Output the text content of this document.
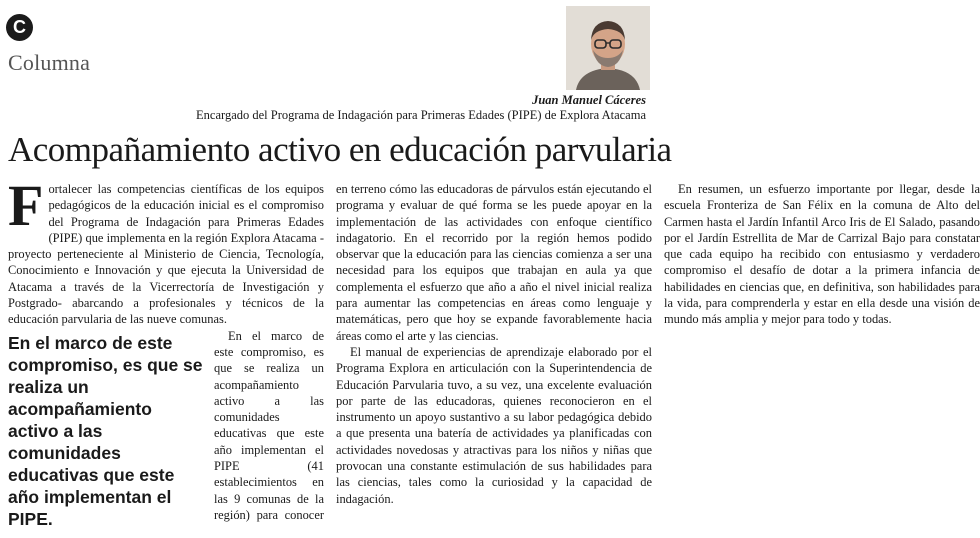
C
Columna
Juan Manuel Cáceres
Encargado del Programa de Indagación para Primeras Edades (PIPE) de Explora Atacama
Acompañamiento activo en educación parvularia

F ortalecer las competencias científicas de los equipos pedagógicos de la educación inicial es el compromiso del Programa de Indagación para Primeras Edades (PIPE) que implementa en la región Explora Atacama -proyecto perteneciente al Ministerio de Ciencia, Tecnología, Conocimiento e Innovación y que ejecuta la Universidad de Atacama a través de la Vicerrectoría de Investigación y Postgrado- abarcando a profesionales y técnicos de la educación parvularia de las nueve comunas.

En el marco de este compromiso, es que se realiza un acompañamiento activo a las comunidades educativas que este año implementan el PIPE.
En el marco de este compromiso, es que se realiza un acompañamiento activo a las comunidades educativas que este año implementan el PIPE (41 establecimientos en las 9 comunas de la región) para conocer en terreno cómo las educadoras de párvulos están ejecutando el programa y evaluar de qué forma se les puede apoyar en la implementación de las actividades con enfoque científico indagatorio. En el recorrido por la región hemos podido observar que la educación para las ciencias comienza a ser una necesidad para los equipos que trabajan en aula ya que complementa el esfuerzo que año a año el nivel inicial realiza para aumentar las competencias en áreas como lenguaje y matemáticas, pero que hoy se expande favorablemente hacia áreas como el arte y las ciencias.

El manual de experiencias de aprendizaje elaborado por el Programa Explora en articulación con la Superintendencia de Educación Parvularia tuvo, a su vez, una excelente evaluación por parte de las educadoras, quienes reconocieron en el instrumento un apoyo sustantivo a su labor pedagógica debido a que presenta una batería de actividades ya planificadas con actividades novedosas y atractivas para los niños y niñas que provocan una constante estimulación de sus habilidades para las ciencias, tales como la curiosidad y la capacidad de indagación.

En resumen, un esfuerzo importante por llegar, desde la escuela Fronteriza de San Félix en la comuna de Alto del Carmen hasta el Jardín Infantil Arco Iris de El Salado, pasando por el Jardín Estrellita de Mar de Carrizal Bajo para constatar que cada equipo ha recibido con entusiasmo y verdadero compromiso el desafío de dotar a la primera infancia de habilidades en ciencias que, en definitiva, son habilidades para la vida, para comprenderla y estar en ella desde una visión de mundo más amplia y mejor para todo y todas.
